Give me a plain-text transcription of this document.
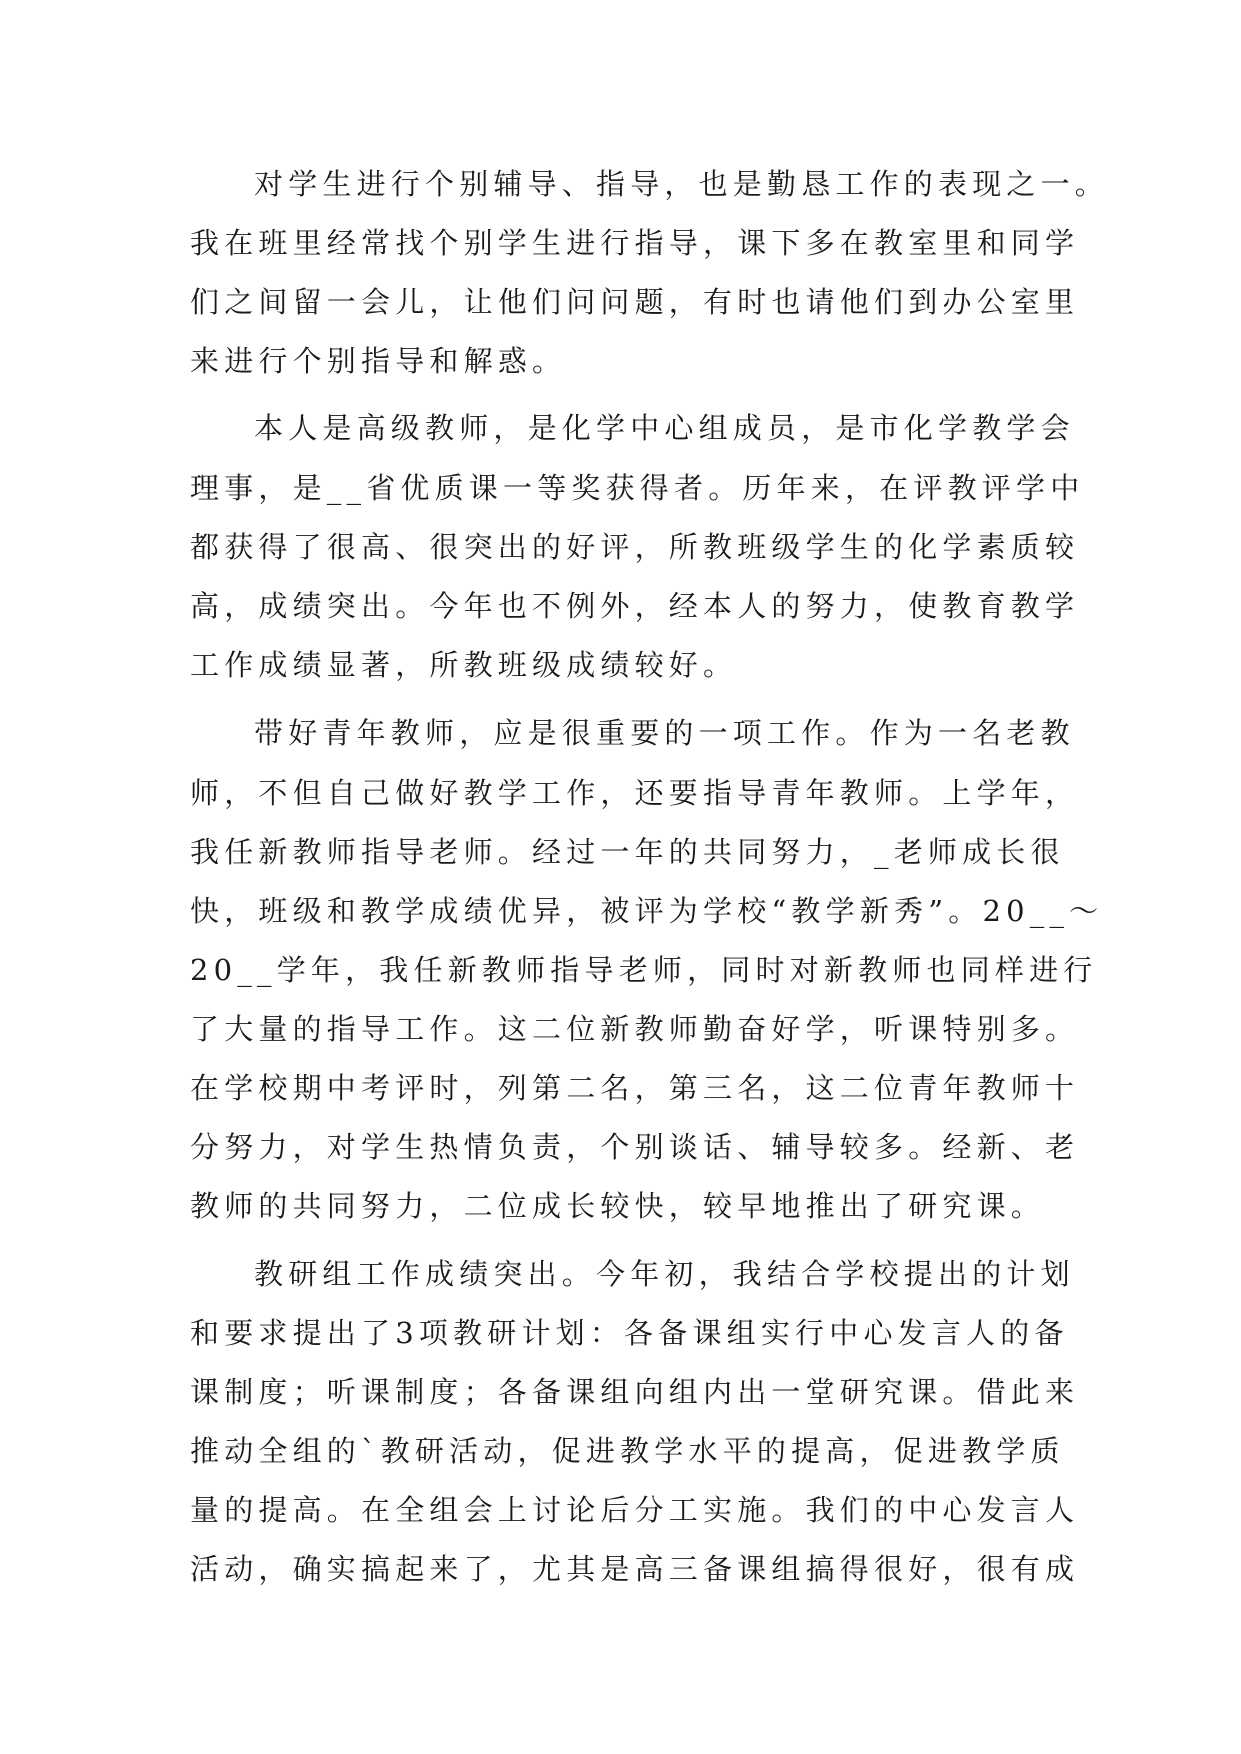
对学生进行个别辅导、指导，也是勤恳工作的表现之一。
我在班里经常找个别学生进行指导，课下多在教室里和同学
们之间留一会儿，让他们问问题，有时也请他们到办公室里
来进行个别指导和解惑。
本人是高级教师，是化学中心组成员，是市化学教学会
理事，是__省优质课一等奖获得者。历年来，在评教评学中
都获得了很高、很突出的好评，所教班级学生的化学素质较
高，成绩突出。今年也不例外，经本人的努力，使教育教学
工作成绩显著，所教班级成绩较好。
带好青年教师，应是很重要的一项工作。作为一名老教
师，不但自己做好教学工作，还要指导青年教师。上学年，
我任新教师指导老师。经过一年的共同努力，_老师成长很
快，班级和教学成绩优异，被评为学校“教学新秀”。20__～
20__学年，我任新教师指导老师，同时对新教师也同样进行
了大量的指导工作。这二位新教师勤奋好学，听课特别多。
在学校期中考评时，列第二名，第三名，这二位青年教师十
分努力，对学生热情负责，个别谈话、辅导较多。经新、老
教师的共同努力，二位成长较快，较早地推出了研究课。
教研组工作成绩突出。今年初，我结合学校提出的计划
和要求提出了3项教研计划：各备课组实行中心发言人的备
课制度；听课制度；各备课组向组内出一堂研究课。借此来
推动全组的`教研活动，促进教学水平的提高，促进教学质
量的提高。在全组会上讨论后分工实施。我们的中心发言人
活动，确实搞起来了，尤其是高三备课组搞得很好，很有成
